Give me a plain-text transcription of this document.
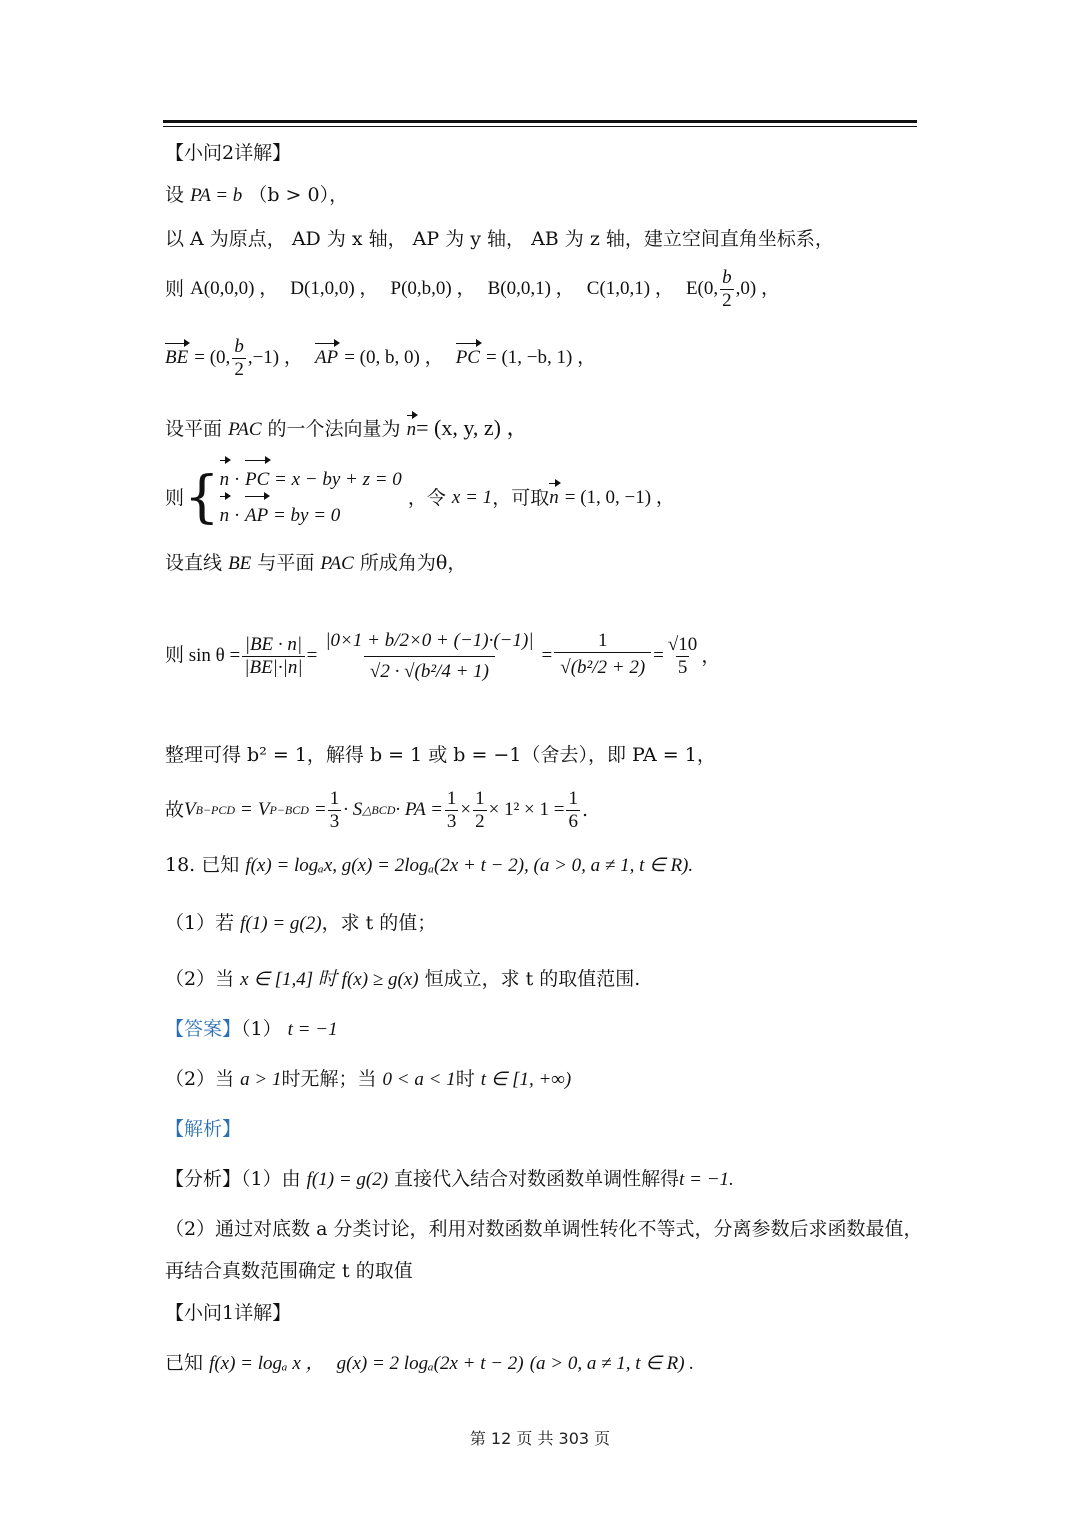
【小问2详解】
设 PA = b （b > 0），
以 A 为原点， AD 为 x 轴， AP 为 y 轴， AB 为 z 轴，建立空间直角坐标系，
则
A(0,0,0) ，
D(1,0,0) ，
P(0,b,0) ，
B(0,0,1) ，
C(1,0,1) ，
E(0, $\frac{b}{2} ,0$) ，
BE
= (0, $\frac{b}{2} ,-1$) ，
AP
= (0, b, 0) ，
PC
= (1, −b, 1) ，
设平面 PAC 的一个法向量为 n= (x, y, z) ，
则 { n · PC = x − by + z = 0
n · AP = by = 0

，令
x = 1 ，可取 n
= (1, 0, −1) ，
设直线 BE 与平面 PAC 所成角为θ，
则 $\sin \theta = \frac{|BE \cdot n|}{|BE|\cdot|n|} = \frac{|0\times 1 + b/2\times 0 + (-1)\cdot(-1)|}{\text{√2 · √(b²/4 + 1)}} = \frac{1}{\text{√(b²/2 + 2)}} = \frac{√10}{5}$ ，
整理可得 b² = 1，解得 b = 1 或 b = −1（舍去），即 PA = 1，
故 V B−PCD
=
V P−BCD
= $\frac{1}{3} \cdot S$ △BCD · PA = $\frac{1}{3} \times \frac{1}{2} \times 1^2 \times 1 = \frac{1}{6}$ .
18. 已知 f(x) = logₐx, g(x) = 2logₐ(2x + t − 2), (a > 0, a ≠ 1, t ∈ R).
（1）若 f(1) = g(2)，求 t 的值；
（2）当 x ∈ [1,4] 时 f(x) ≥ g(x) 恒成立，求 t 的取值范围.
【答案】（1） t = −1
（2）当 a > 1时无解；当 0 < a < 1时 t ∈ [1, +∞)
【解析】
【分析】（1）由 f(1) = g(2) 直接代入结合对数函数单调性解得t = −1.
（2）通过对底数 a 分类讨论，利用对数函数单调性转化不等式，分离参数后求函数最值，
再结合真数范围确定 t 的取值
【小问1详解】
已知 f(x) = logₐ x ， g(x) = 2 logₐ(2x + t − 2) (a > 0, a ≠ 1, t ∈ R) .
第 12 页 共 303 页
